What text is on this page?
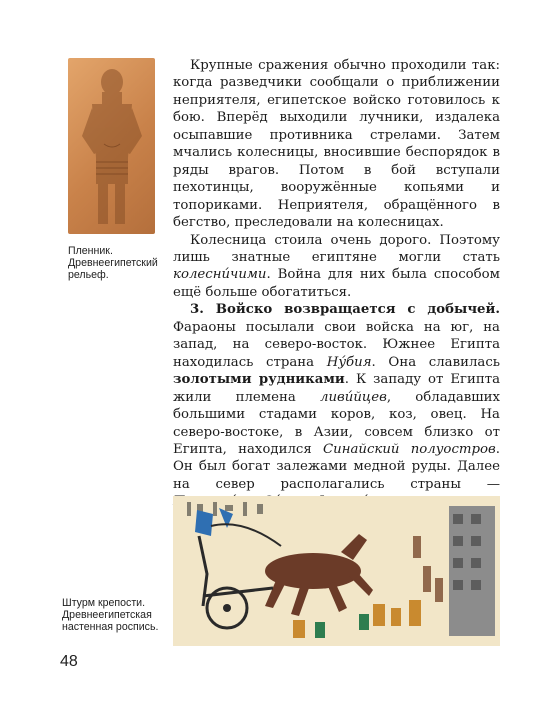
Пленник. Древнеегипетский рельеф.

Крупные сражения обычно проходили так: когда разведчики сообщали о приближении неприятеля, египетское войско готовилось к бою. Вперёд выходили лучники, издалека осыпавшие противника стрелами. Затем мчались колесницы, вносившие беспорядок в ряды врагов. Потом в бой вступали пехотинцы, вооружённые копьями и топориками. Неприятеля, обращённого в бегство, преследовали на колесницах.

Колесница стоила очень дорого. Поэтому лишь знатные египтяне могли стать колесни́чими. Война для них была способом ещё больше обогатиться.

3. Войско возвращается с добычей. Фараоны посылали свои войска на юг, на запад, на северо-восток. Южнее Египта находилась страна Ну́бия. Она славилась золотыми рудниками. К западу от Египта жили племена ливи́йцев, обладавших большими стадами коров, коз, овец. На северо-востоке, в Азии, совсем близко от Египта, находился Синайский полуостров. Он был богат залежами медной руды. Далее на север располагались страны —

Штурм крепости. Древнеегипетская настенная роспись.
48
